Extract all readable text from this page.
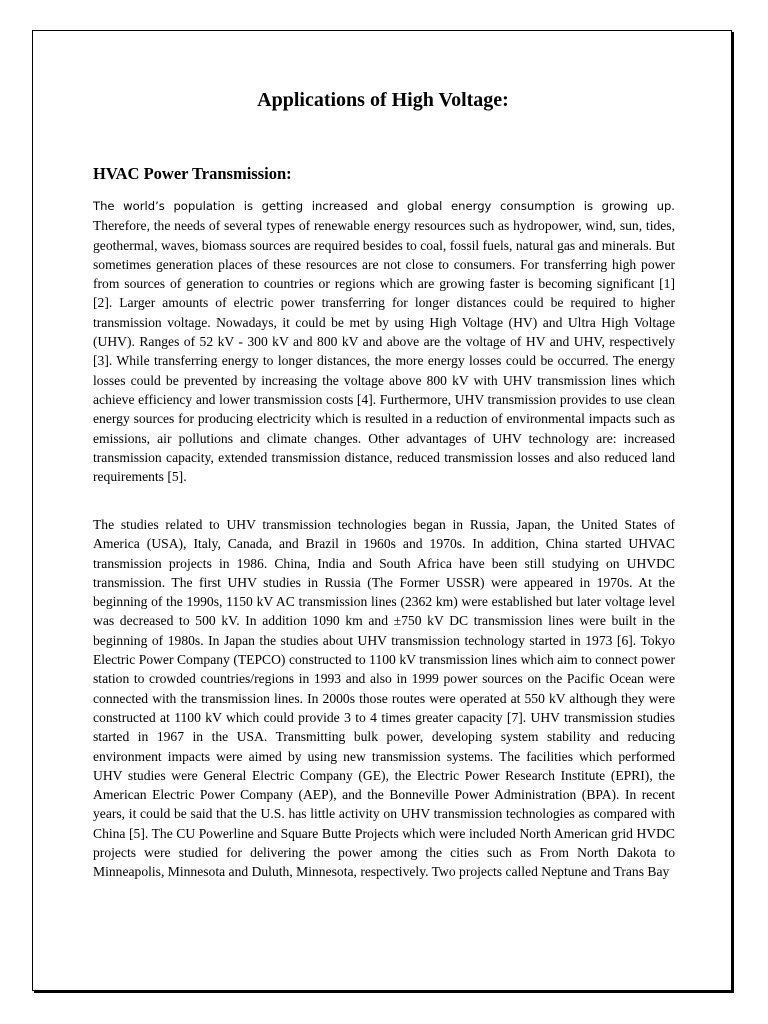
Applications of High Voltage:
HVAC Power Transmission:

The world’s population is getting increased and global energy consumption is growing up. Therefore, the needs of several types of renewable energy resources such as hydropower, wind, sun, tides, geothermal, waves, biomass sources are required besides to coal, fossil fuels, natural gas and minerals. But sometimes generation places of these resources are not close to consumers. For transferring high power from sources of generation to countries or regions which are growing faster is becoming significant [1] [2]. Larger amounts of electric power transferring for longer distances could be required to higher transmission voltage. Nowadays, it could be met by using High Voltage (HV) and Ultra High Voltage (UHV). Ranges of 52 kV - 300 kV and 800 kV and above are the voltage of HV and UHV, respectively [3]. While transferring energy to longer distances, the more energy losses could be occurred. The energy losses could be prevented by increasing the voltage above 800 kV with UHV transmission lines which achieve efficiency and lower transmission costs [4]. Furthermore, UHV transmission provides to use clean energy sources for producing electricity which is resulted in a reduction of environmental impacts such as emissions, air pollutions and climate changes. Other advantages of UHV technology are: increased transmission capacity, extended transmission distance, reduced transmission losses and also reduced land requirements [5].

The studies related to UHV transmission technologies began in Russia, Japan, the United States of America (USA), Italy, Canada, and Brazil in 1960s and 1970s. In addition, China started UHVAC transmission projects in 1986. China, India and South Africa have been still studying on UHVDC transmission. The first UHV studies in Russia (The Former USSR) were appeared in 1970s. At the beginning of the 1990s, 1150 kV AC transmission lines (2362 km) were established but later voltage level was decreased to 500 kV. In addition 1090 km and ±750 kV DC transmission lines were built in the beginning of 1980s. In Japan the studies about UHV transmission technology started in 1973 [6]. Tokyo Electric Power Company (TEPCO) constructed to 1100 kV transmission lines which aim to connect power station to crowded countries/regions in 1993 and also in 1999 power sources on the Pacific Ocean were connected with the transmission lines. In 2000s those routes were operated at 550 kV although they were constructed at 1100 kV which could provide 3 to 4 times greater capacity [7]. UHV transmission studies started in 1967 in the USA. Transmitting bulk power, developing system stability and reducing environment impacts were aimed by using new transmission systems. The facilities which performed UHV studies were General Electric Company (GE), the Electric Power Research Institute (EPRI), the American Electric Power Company (AEP), and the Bonneville Power Administration (BPA). In recent years, it could be said that the U.S. has little activity on UHV transmission technologies as compared with China [5]. The CU Powerline and Square Butte Projects which were included North American grid HVDC projects were studied for delivering the power among the cities such as From North Dakota to Minneapolis, Minnesota and Duluth, Minnesota, respectively. Two projects called Neptune and Trans Bay
